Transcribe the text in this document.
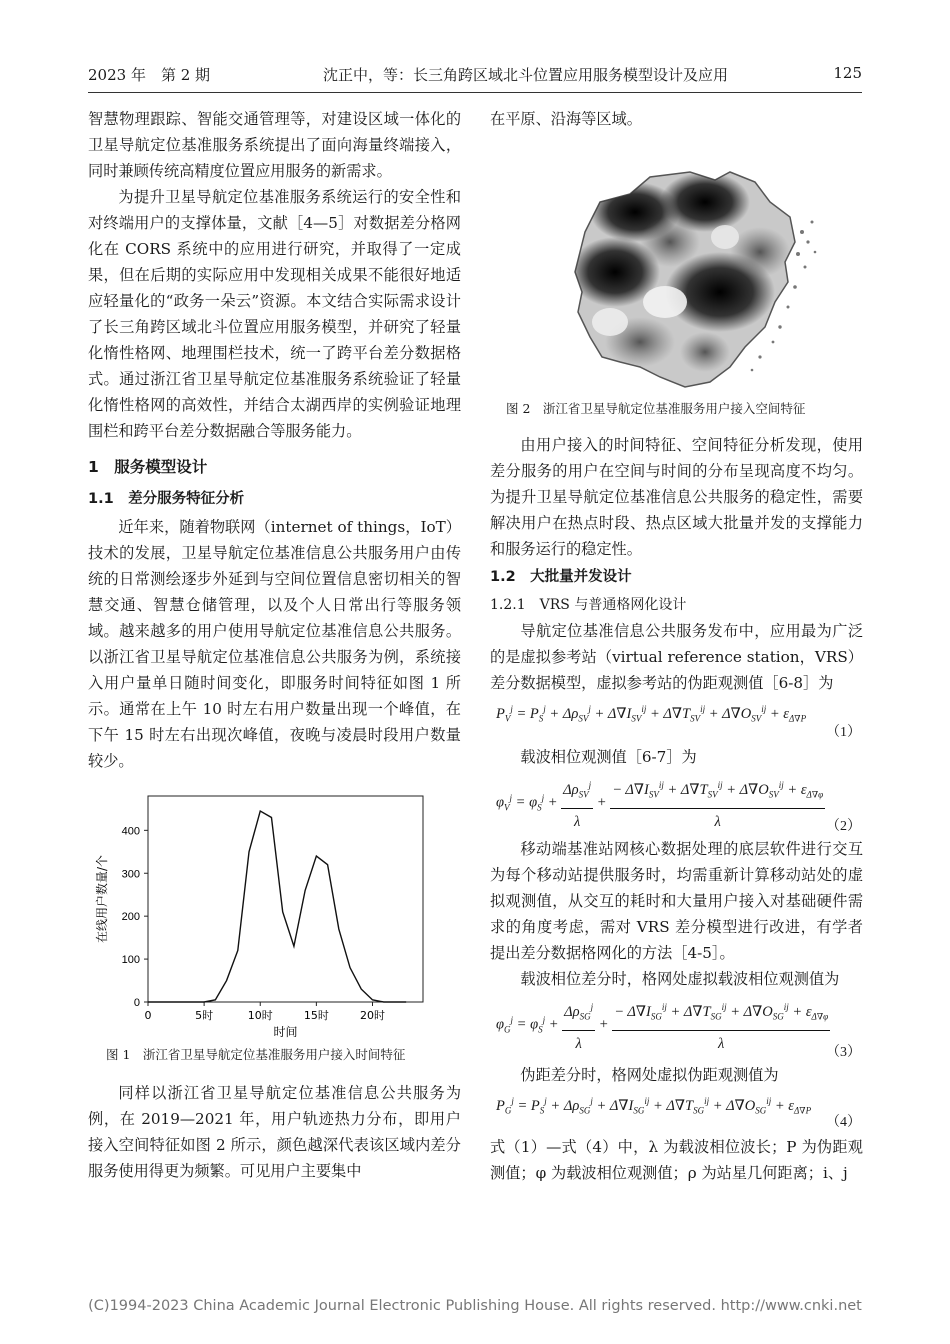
2023 年　第 2 期	沈正中，等：长三角跨区域北斗位置应用服务模型设计及应用	125

智慧物理跟踪、智能交通管理等，对建设区域一体化的卫星导航定位基准服务系统提出了面向海量终端接入，同时兼顾传统高精度位置应用服务的新需求。

为提升卫星导航定位基准服务系统运行的安全性和对终端用户的支撑体量，文献［4—5］对数据差分格网化在 CORS 系统中的应用进行研究，并取得了一定成果，但在后期的实际应用中发现相关成果不能很好地适应轻量化的“政务一朵云”资源。本文结合实际需求设计了长三角跨区域北斗位置应用服务模型，并研究了轻量化惰性格网、地理围栏技术，统一了跨平台差分数据格式。通过浙江省卫星导航定位基准服务系统验证了轻量化惰性格网的高效性，并结合太湖西岸的实例验证地理围栏和跨平台差分数据融合等服务能力。

1　服务模型设计
1.1　差分服务特征分析

近年来，随着物联网（internet of things，IoT）技术的发展，卫星导航定位基准信息公共服务用户由传统的日常测绘逐步外延到与空间位置信息密切相关的智慧交通、智慧仓储管理，以及个人日常出行等服务领域。越来越多的用户使用导航定位基准信息公共服务。以浙江省卫星导航定位基准信息公共服务为例，系统接入用户量单日随时间变化，即服务时间特征如图 1 所示。通常在上午 10 时左右用户数量出现一个峰值，在下午 15 时左右出现次峰值，夜晚与凌晨时段用户数量较少。

0
100
200
300
400
0	5时	10时	15时	20时
时间
在线用户数量/个
图 1　浙江省卫星导航定位基准服务用户接入时间特征

同样以浙江省卫星导航定位基准信息公共服务为例，在 2019—2021 年，用户轨迹热力分布，即用户接入空间特征如图 2 所示，颜色越深代表该区域内差分服务使用得更为频繁。可见用户主要集中

在平原、沿海等区域。

图 2　浙江省卫星导航定位基准服务用户接入空间特征

由用户接入的时间特征、空间特征分析发现，使用差分服务的用户在空间与时间的分布呈现高度不均匀。为提升卫星导航定位基准信息公共服务的稳定性，需要解决用户在热点时段、热点区域大批量并发的支撑能力和服务运行的稳定性。

1.2　大批量并发设计
1.2.1　VRS 与普通格网化设计

导航定位基准信息公共服务发布中，应用最为广泛的是虚拟参考站（virtual reference station，VRS）差分数据模型，虚拟参考站的伪距观测值［6-8］为

$P_V^j = P_S^j + \Delta\rho_{SV}^j + \Delta\nabla I_{SV}^{ij} + \Delta\nabla T_{SV}^{ij} + \Delta\nabla O_{SV}^{ij} + \varepsilon_{\Delta\nabla P}$
（1）

载波相位观测值［6-7］为

$\varphi_V^j = \varphi_S^j + \frac{\Delta\rho_{SV}^j}{\lambda} + \frac{- \Delta\nabla I_{SV}^{ij} + \Delta\nabla T_{SV}^{ij} + \Delta\nabla O_{SV}^{ij} + \varepsilon_{\Delta\nabla\varphi}}{\lambda} (2)$

移动端基准站网核心数据处理的底层软件进行交互为每个移动站提供服务时，均需重新计算移动站处的虚拟观测值，从交互的耗时和大量用户接入对基础硬件需求的角度考虑，需对 VRS 差分模型进行改进，有学者提出差分数据格网化的方法［4-5］。

载波相位差分时，格网处虚拟载波相位观测值为

$\varphi_G^j = \varphi_S^j + \frac{\Delta\rho_{SG}^j}{\lambda} + \frac{- \Delta\nabla I_{SG}^{ij} + \Delta\nabla T_{SG}^{ij} + \Delta\nabla O_{SG}^{ij} + \varepsilon_{\Delta\nabla\varphi}}{\lambda}$
（3）

伪距差分时，格网处虚拟伪距观测值为

$P_G^j = P_S^j + \Delta\rho_{SG}^j + \Delta\nabla I_{SG}^{ij} + \Delta\nabla T_{SG}^{ij} + \Delta\nabla O_{SG}^{ij} + \varepsilon_{\Delta\nabla P}$
（4）

式（1）—式（4）中，λ 为载波相位波长；P 为伪距观测值；φ 为载波相位观测值；ρ 为站星几何距离；i、j

(C)1994-2023 China Academic Journal Electronic Publishing House. All rights reserved. http://www.cnki.net
